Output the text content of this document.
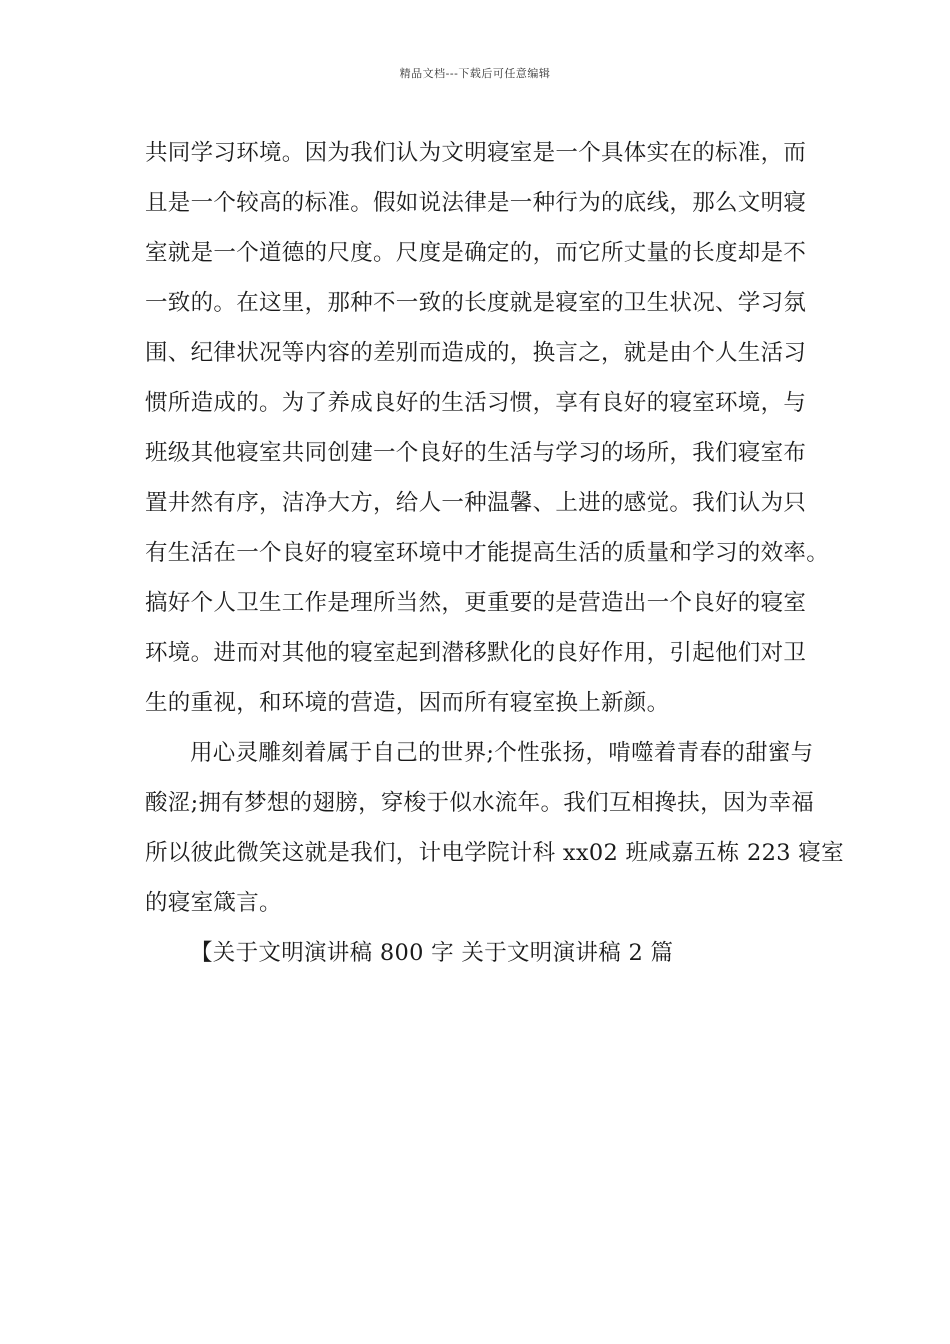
精品文档---下载后可任意编辑
共同学习环境。因为我们认为文明寝室是一个具体实在的标准，而
且是一个较高的标准。假如说法律是一种行为的底线，那么文明寝
室就是一个道德的尺度。尺度是确定的，而它所丈量的长度却是不
一致的。在这里，那种不一致的长度就是寝室的卫生状况、学习氛
围、纪律状况等内容的差别而造成的，换言之，就是由个人生活习
惯所造成的。为了养成良好的生活习惯，享有良好的寝室环境，与
班级其他寝室共同创建一个良好的生活与学习的场所，我们寝室布
置井然有序，洁净大方，给人一种温馨、上进的感觉。我们认为只
有生活在一个良好的寝室环境中才能提高生活的质量和学习的效率。
搞好个人卫生工作是理所当然，更重要的是营造出一个良好的寝室
环境。进而对其他的寝室起到潜移默化的良好作用，引起他们对卫
生的重视，和环境的营造，因而所有寝室换上新颜。
用心灵雕刻着属于自己的世界;个性张扬，啃噬着青春的甜蜜与
酸涩;拥有梦想的翅膀，穿梭于似水流年。我们互相搀扶，因为幸福
所以彼此微笑这就是我们，计电学院计科 xx02 班咸嘉五栋 223 寝室
的寝室箴言。
【关于文明演讲稿 800 字 关于文明演讲稿 2 篇
